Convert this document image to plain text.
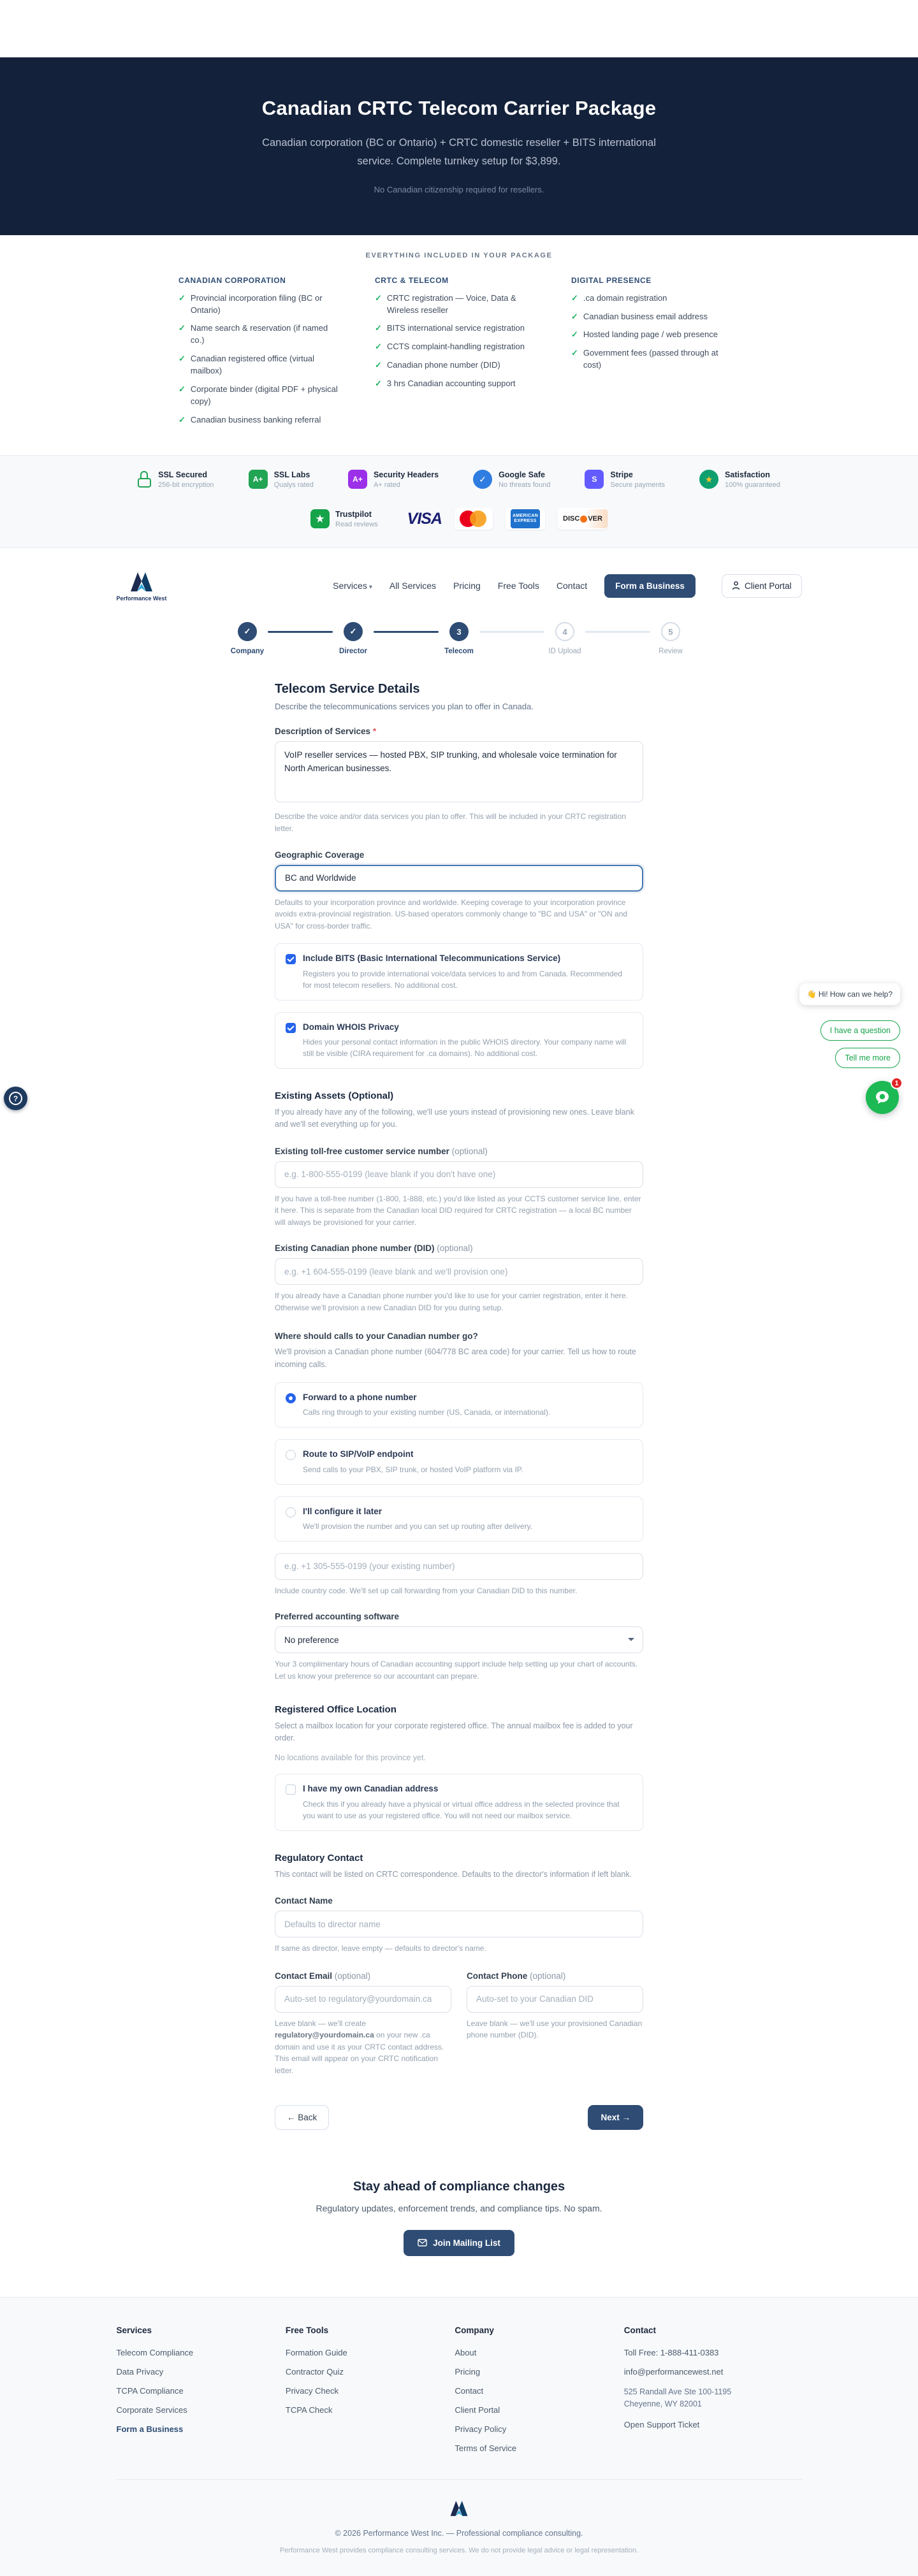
Canadian CRTC Telecom Carrier Package
Canadian corporation (BC or Ontario) + CRTC domestic reseller + BITS international service. Complete turnkey setup for $3,899.
No Canadian citizenship required for resellers.
EVERYTHING INCLUDED IN YOUR PACKAGE
CANADIAN CORPORATION
✓ Provincial incorporation filing (BC or Ontario)
✓ Name search & reservation (if named co.)
✓ Canadian registered office (virtual mailbox)
✓ Corporate binder (digital PDF + physical copy)
✓ Canadian business banking referral
CRTC & TELECOM
✓ CRTC registration — Voice, Data & Wireless reseller
✓ BITS international service registration
✓ CCTS complaint-handling registration
✓ Canadian phone number (DID)
✓ 3 hrs Canadian accounting support
DIGITAL PRESENCE
✓ .ca domain registration
✓ Canadian business email address
✓ Hosted landing page / web presence
✓ Government fees (passed through at cost)
SSL Secured
256-bit encryption
A+
SSL Labs
Qualys rated
A+
Security Headers
A+ rated
✓	Google Safe
No threats found
S
Stripe
Secure payments
★	Satisfaction
100% guaranteed
★	Trustpilot
Read reviews VISA	AMERICAN
EXPRESS	DISC VER
Performance West
Services ▾ All Services Pricing Free Tools Contact	Form a Business	Client Portal
✓
Company
✓
Director
3
Telecom
4
ID Upload
5
Review
Telecom Service Details
Describe the telecommunications services you plan to offer in Canada.
Description of Services *
VoIP reseller services — hosted PBX, SIP trunking, and wholesale voice termination for North American businesses.
Describe the voice and/or data services you plan to offer. This will be included in your CRTC registration letter.
Geographic Coverage
BC and Worldwide
Defaults to your incorporation province and worldwide. Keeping coverage to your incorporation province avoids extra-provincial registration. US-based operators commonly change to "BC and USA" or "ON and USA" for cross-border traffic.
Include BITS (Basic International Telecommunications Service)
Registers you to provide international voice/data services to and from Canada. Recommended for most telecom resellers. No additional cost.
Domain WHOIS Privacy
Hides your personal contact information in the public WHOIS directory. Your company name will still be visible (CIRA requirement for .ca domains). No additional cost.
Existing Assets (Optional)
If you already have any of the following, we'll use yours instead of provisioning new ones. Leave blank and we'll set everything up for you.
Existing toll-free customer service number (optional)
e.g. 1-800-555-0199 (leave blank if you don't have one)
If you have a toll-free number (1-800, 1-888, etc.) you'd like listed as your CCTS customer service line, enter it here. This is separate from the Canadian local DID required for CRTC registration — a local BC number will always be provisioned for your carrier.
Existing Canadian phone number (DID) (optional)
e.g. +1 604-555-0199 (leave blank and we'll provision one)
If you already have a Canadian phone number you'd like to use for your carrier registration, enter it here. Otherwise we'll provision a new Canadian DID for you during setup.
Where should calls to your Canadian number go?
We'll provision a Canadian phone number (604/778 BC area code) for your carrier. Tell us how to route incoming calls.
Forward to a phone number
Calls ring through to your existing number (US, Canada, or international).
Route to SIP/VoIP endpoint
Send calls to your PBX, SIP trunk, or hosted VoIP platform via IP.
I'll configure it later
We'll provision the number and you can set up routing after delivery.
e.g. +1 305-555-0199 (your existing number)
Include country code. We'll set up call forwarding from your Canadian DID to this number.
Preferred accounting software
No preference
Your 3 complimentary hours of Canadian accounting support include help setting up your chart of accounts. Let us know your preference so our accountant can prepare.
Registered Office Location
Select a mailbox location for your corporate registered office. The annual mailbox fee is added to your order.
No locations available for this province yet.
I have my own Canadian address
Check this if you already have a physical or virtual office address in the selected province that you want to use as your registered office. You will not need our mailbox service.
Regulatory Contact
This contact will be listed on CRTC correspondence. Defaults to the director's information if left blank.
Contact Name
Defaults to director name
If same as director, leave empty — defaults to director's name.
Contact Email (optional)
Auto-set to regulatory@yourdomain.ca
Leave blank — we'll create regulatory@yourdomain.ca on your new .ca domain and use it as your CRTC contact address. This email will appear on your CRTC notification letter.
Contact Phone (optional)
Auto-set to your Canadian DID
Leave blank — we'll use your provisioned Canadian phone number (DID).
← Back	Next →
Stay ahead of compliance changes
Regulatory updates, enforcement trends, and compliance tips. No spam.
Join Mailing List
Services
Telecom Compliance
Data Privacy
TCPA Compliance
Corporate Services
Form a Business
Free Tools
Formation Guide
Contractor Quiz
Privacy Check
TCPA Check
Company
About
Pricing
Contact
Client Portal
Privacy Policy
Terms of Service
Contact
Toll Free: 1-888-411-0383
info@performancewest.net
525 Randall Ave Ste 100-1195
Cheyenne, WY 82001
Open Support Ticket
© 2026 Performance West Inc. — Professional compliance consulting.
Performance West provides compliance consulting services. We do not provide legal advice or legal representation.
?
👋 Hi! How can we help?
I have a question
Tell me more
1
